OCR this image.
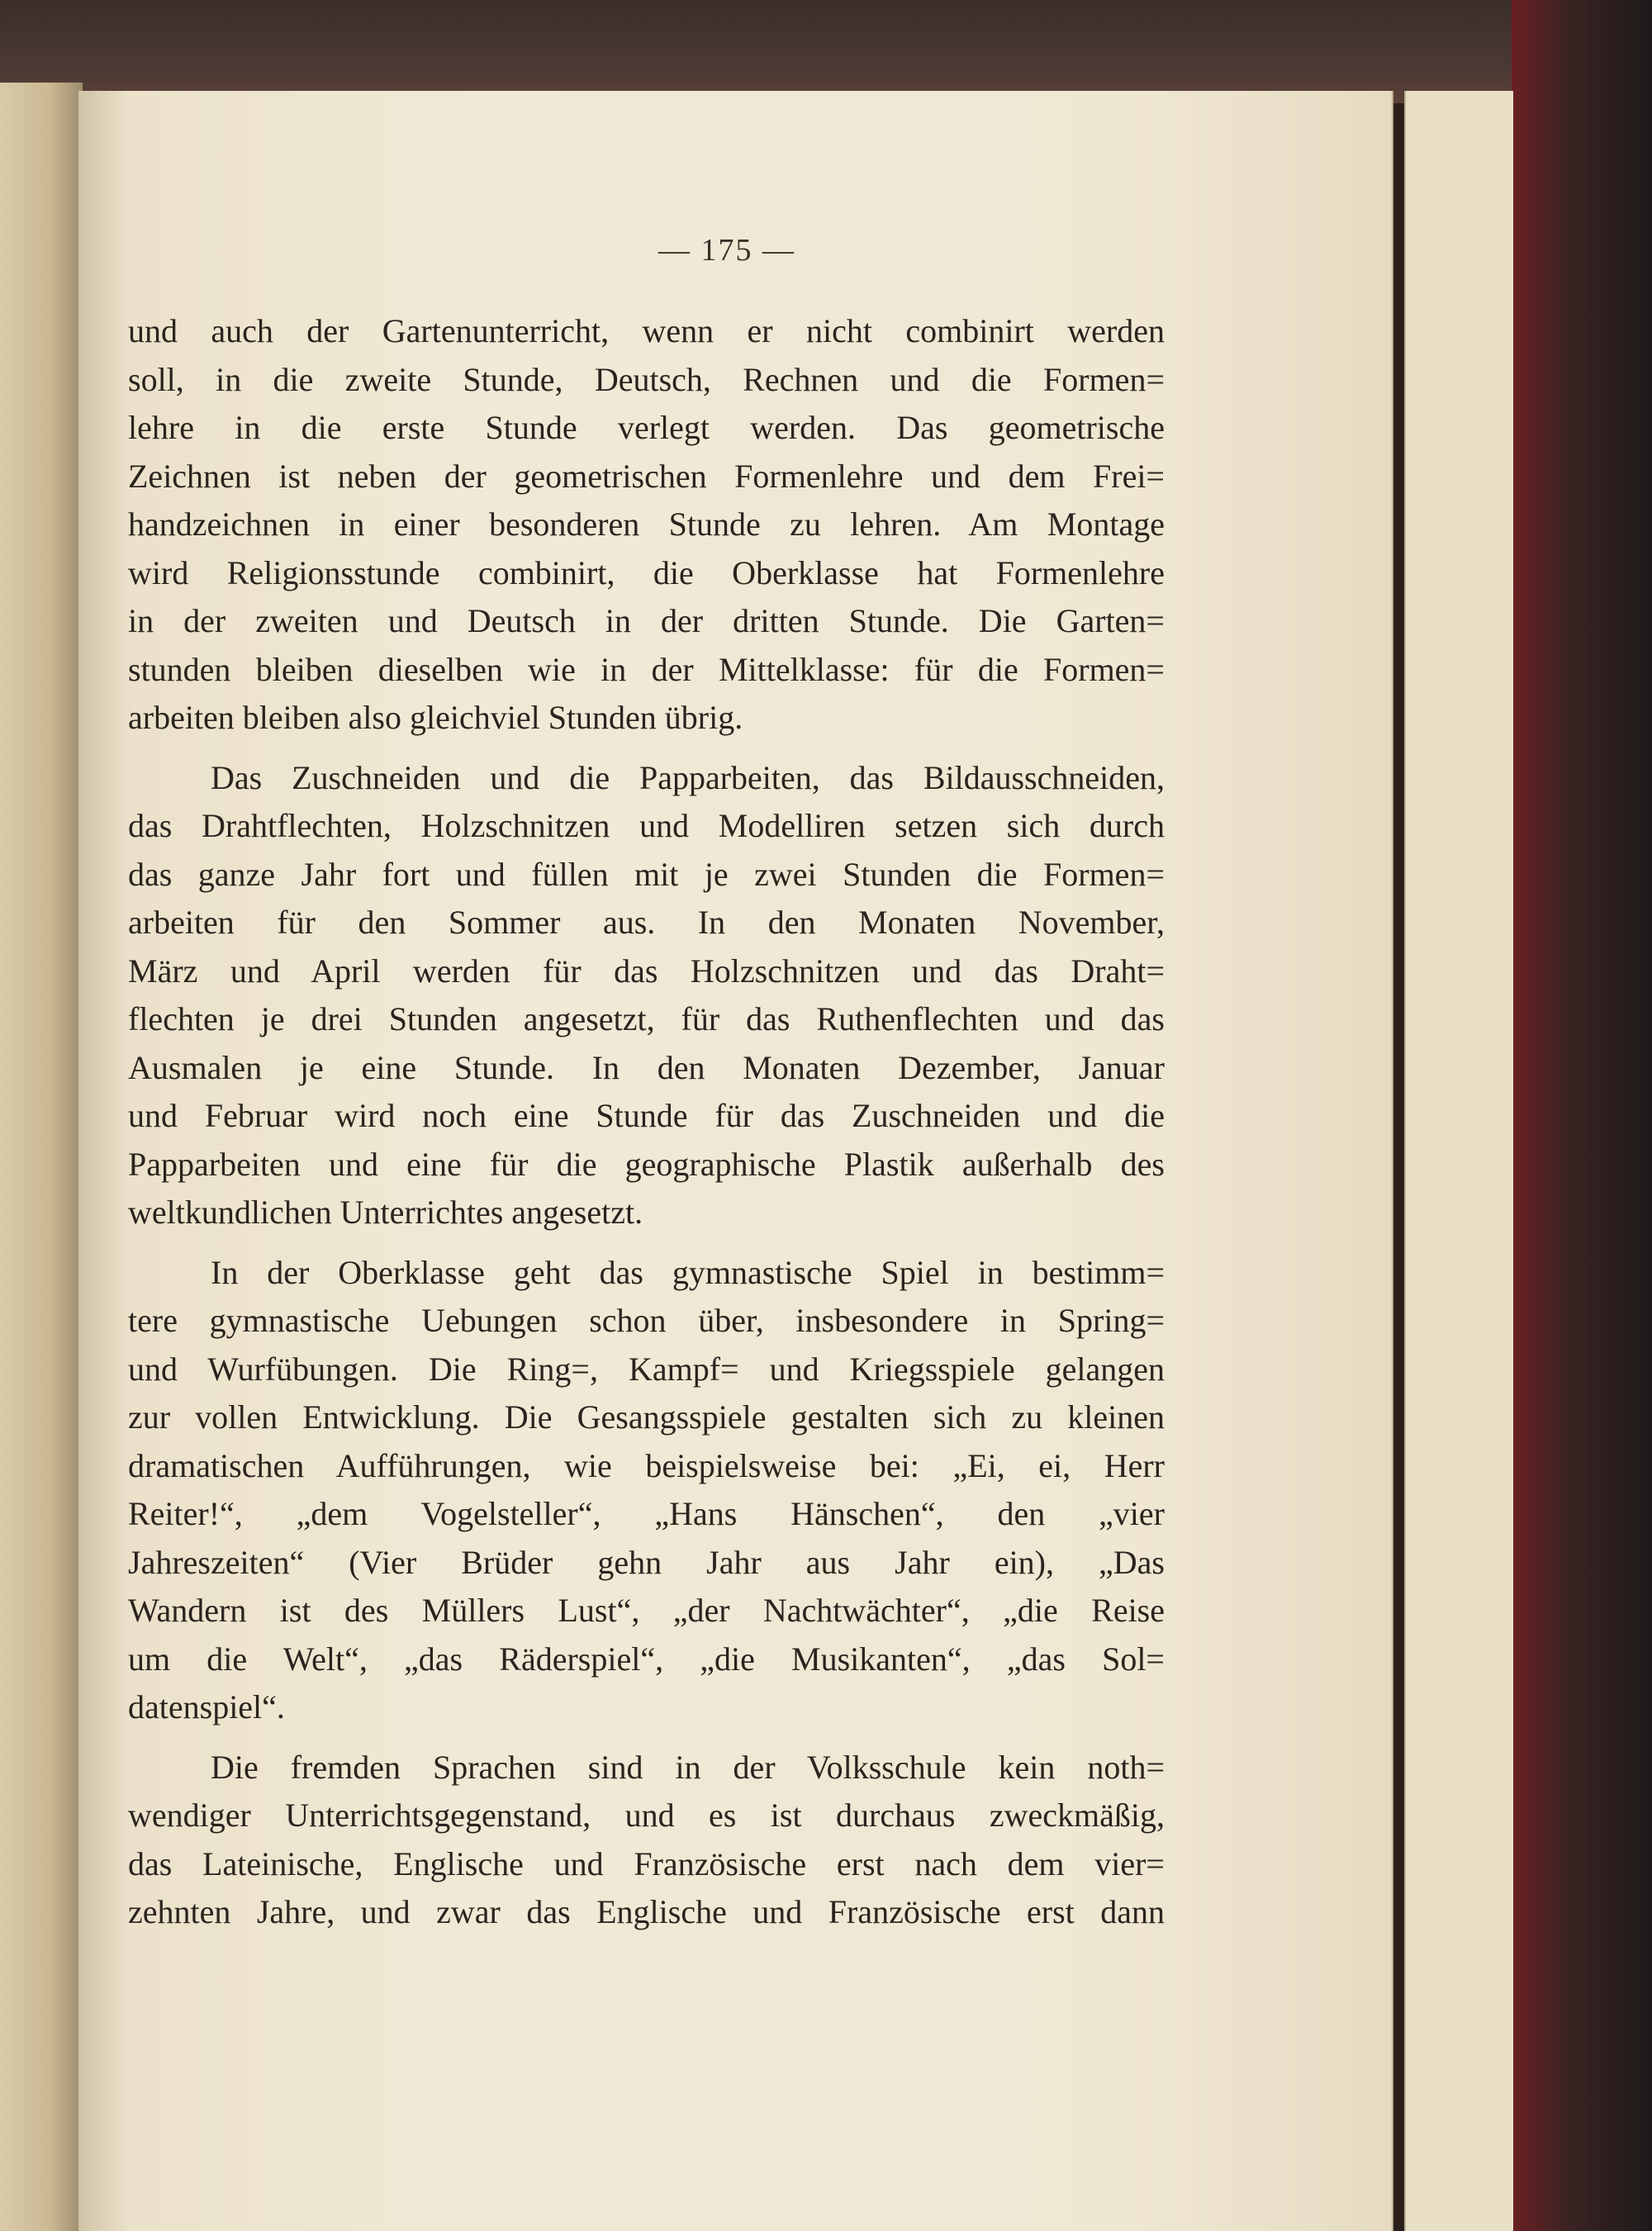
— 175 —
und auch der Gartenunterricht, wenn er nicht combinirt werden
soll, in die zweite Stunde, Deutsch, Rechnen und die Formen=
lehre in die erste Stunde verlegt werden. Das geometrische
Zeichnen ist neben der geometrischen Formenlehre und dem Frei=
handzeichnen in einer besonderen Stunde zu lehren. Am Montage
wird Religionsstunde combinirt, die Oberklasse hat Formenlehre
in der zweiten und Deutsch in der dritten Stunde. Die Garten=
stunden bleiben dieselben wie in der Mittelklasse: für die Formen=
arbeiten bleiben also gleichviel Stunden übrig.
Das Zuschneiden und die Papparbeiten, das Bildausschneiden,
das Drahtflechten, Holzschnitzen und Modelliren setzen sich durch
das ganze Jahr fort und füllen mit je zwei Stunden die Formen=
arbeiten für den Sommer aus. In den Monaten November,
März und April werden für das Holzschnitzen und das Draht=
flechten je drei Stunden angesetzt, für das Ruthenflechten und das
Ausmalen je eine Stunde. In den Monaten Dezember, Januar
und Februar wird noch eine Stunde für das Zuschneiden und die
Papparbeiten und eine für die geographische Plastik außerhalb des
weltkundlichen Unterrichtes angesetzt.
In der Oberklasse geht das gymnastische Spiel in bestimm=
tere gymnastische Uebungen schon über, insbesondere in Spring=
und Wurfübungen. Die Ring=, Kampf= und Kriegsspiele gelangen
zur vollen Entwicklung. Die Gesangsspiele gestalten sich zu kleinen
dramatischen Aufführungen, wie beispielsweise bei: „Ei, ei, Herr
Reiter!“, „dem Vogelsteller“, „Hans Hänschen“, den „vier
Jahreszeiten“ (Vier Brüder gehn Jahr aus Jahr ein), „Das
Wandern ist des Müllers Lust“, „der Nachtwächter“, „die Reise
um die Welt“, „das Räderspiel“, „die Musikanten“, „das Sol=
datenspiel“.
Die fremden Sprachen sind in der Volksschule kein noth=
wendiger Unterrichtsgegenstand, und es ist durchaus zweckmäßig,
das Lateinische, Englische und Französische erst nach dem vier=
zehnten Jahre, und zwar das Englische und Französische erst dann
